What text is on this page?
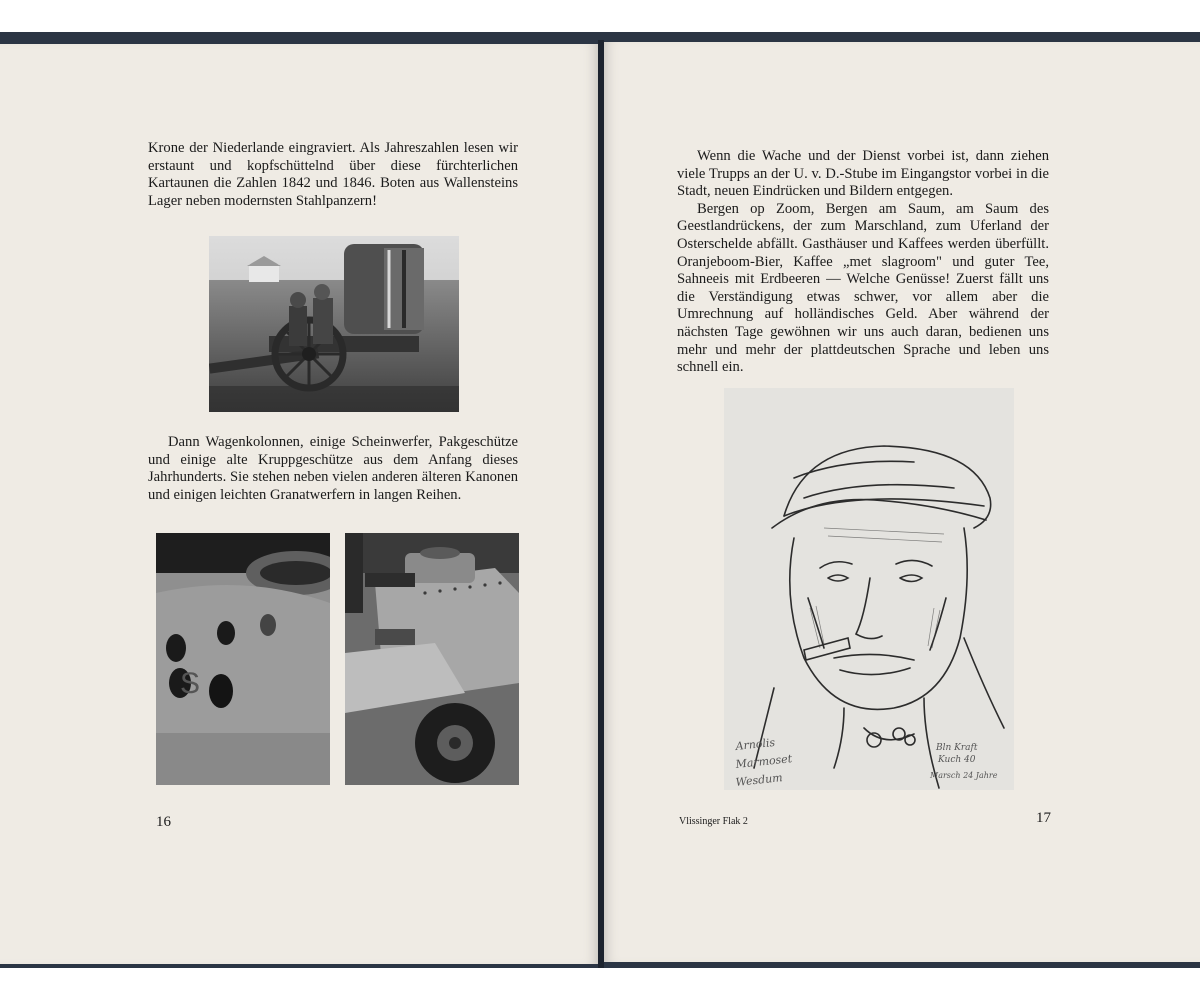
Krone der Niederlande eingraviert. Als Jahreszahlen lesen wir erstaunt und kopfschüttelnd über diese fürchterlichen Kartaunen die Zahlen 1842 und 1846. Boten aus Wallensteins Lager neben modernsten Stahlpanzern!

Dann Wagenkolonnen, einige Scheinwerfer, Pakgeschütze und einige alte Kruppgeschütze aus dem Anfang dieses Jahrhunderts. Sie stehen neben vielen anderen älteren Kanonen und einigen leichten Granatwerfern in langen Reihen.

S
16

Wenn die Wache und der Dienst vorbei ist, dann ziehen viele Trupps an der U. v. D.-Stube im Eingangstor vorbei in die Stadt, neuen Eindrücken und Bildern entgegen.

Bergen op Zoom, Bergen am Saum, am Saum des Geestlandrückens, der zum Marschland, zum Uferland der Osterschelde abfällt. Gasthäuser und Kaffees werden überfüllt. Oranjeboom-Bier, Kaffee „met slagroom" und guter Tee, Sahneeis mit Erdbeeren — Welche Genüsse! Zuerst fällt uns die Verständigung etwas schwer, vor allem aber die Umrechnung auf holländisches Geld. Aber während der nächsten Tage gewöhnen wir uns auch daran, bedienen uns mehr und mehr der plattdeutschen Sprache und leben uns schnell ein.

Arnolis
Marmoset
Wesdum
Bln Kraft
Kuch 40
Marsch 24 Jahre
Vlissinger Flak 2	17
